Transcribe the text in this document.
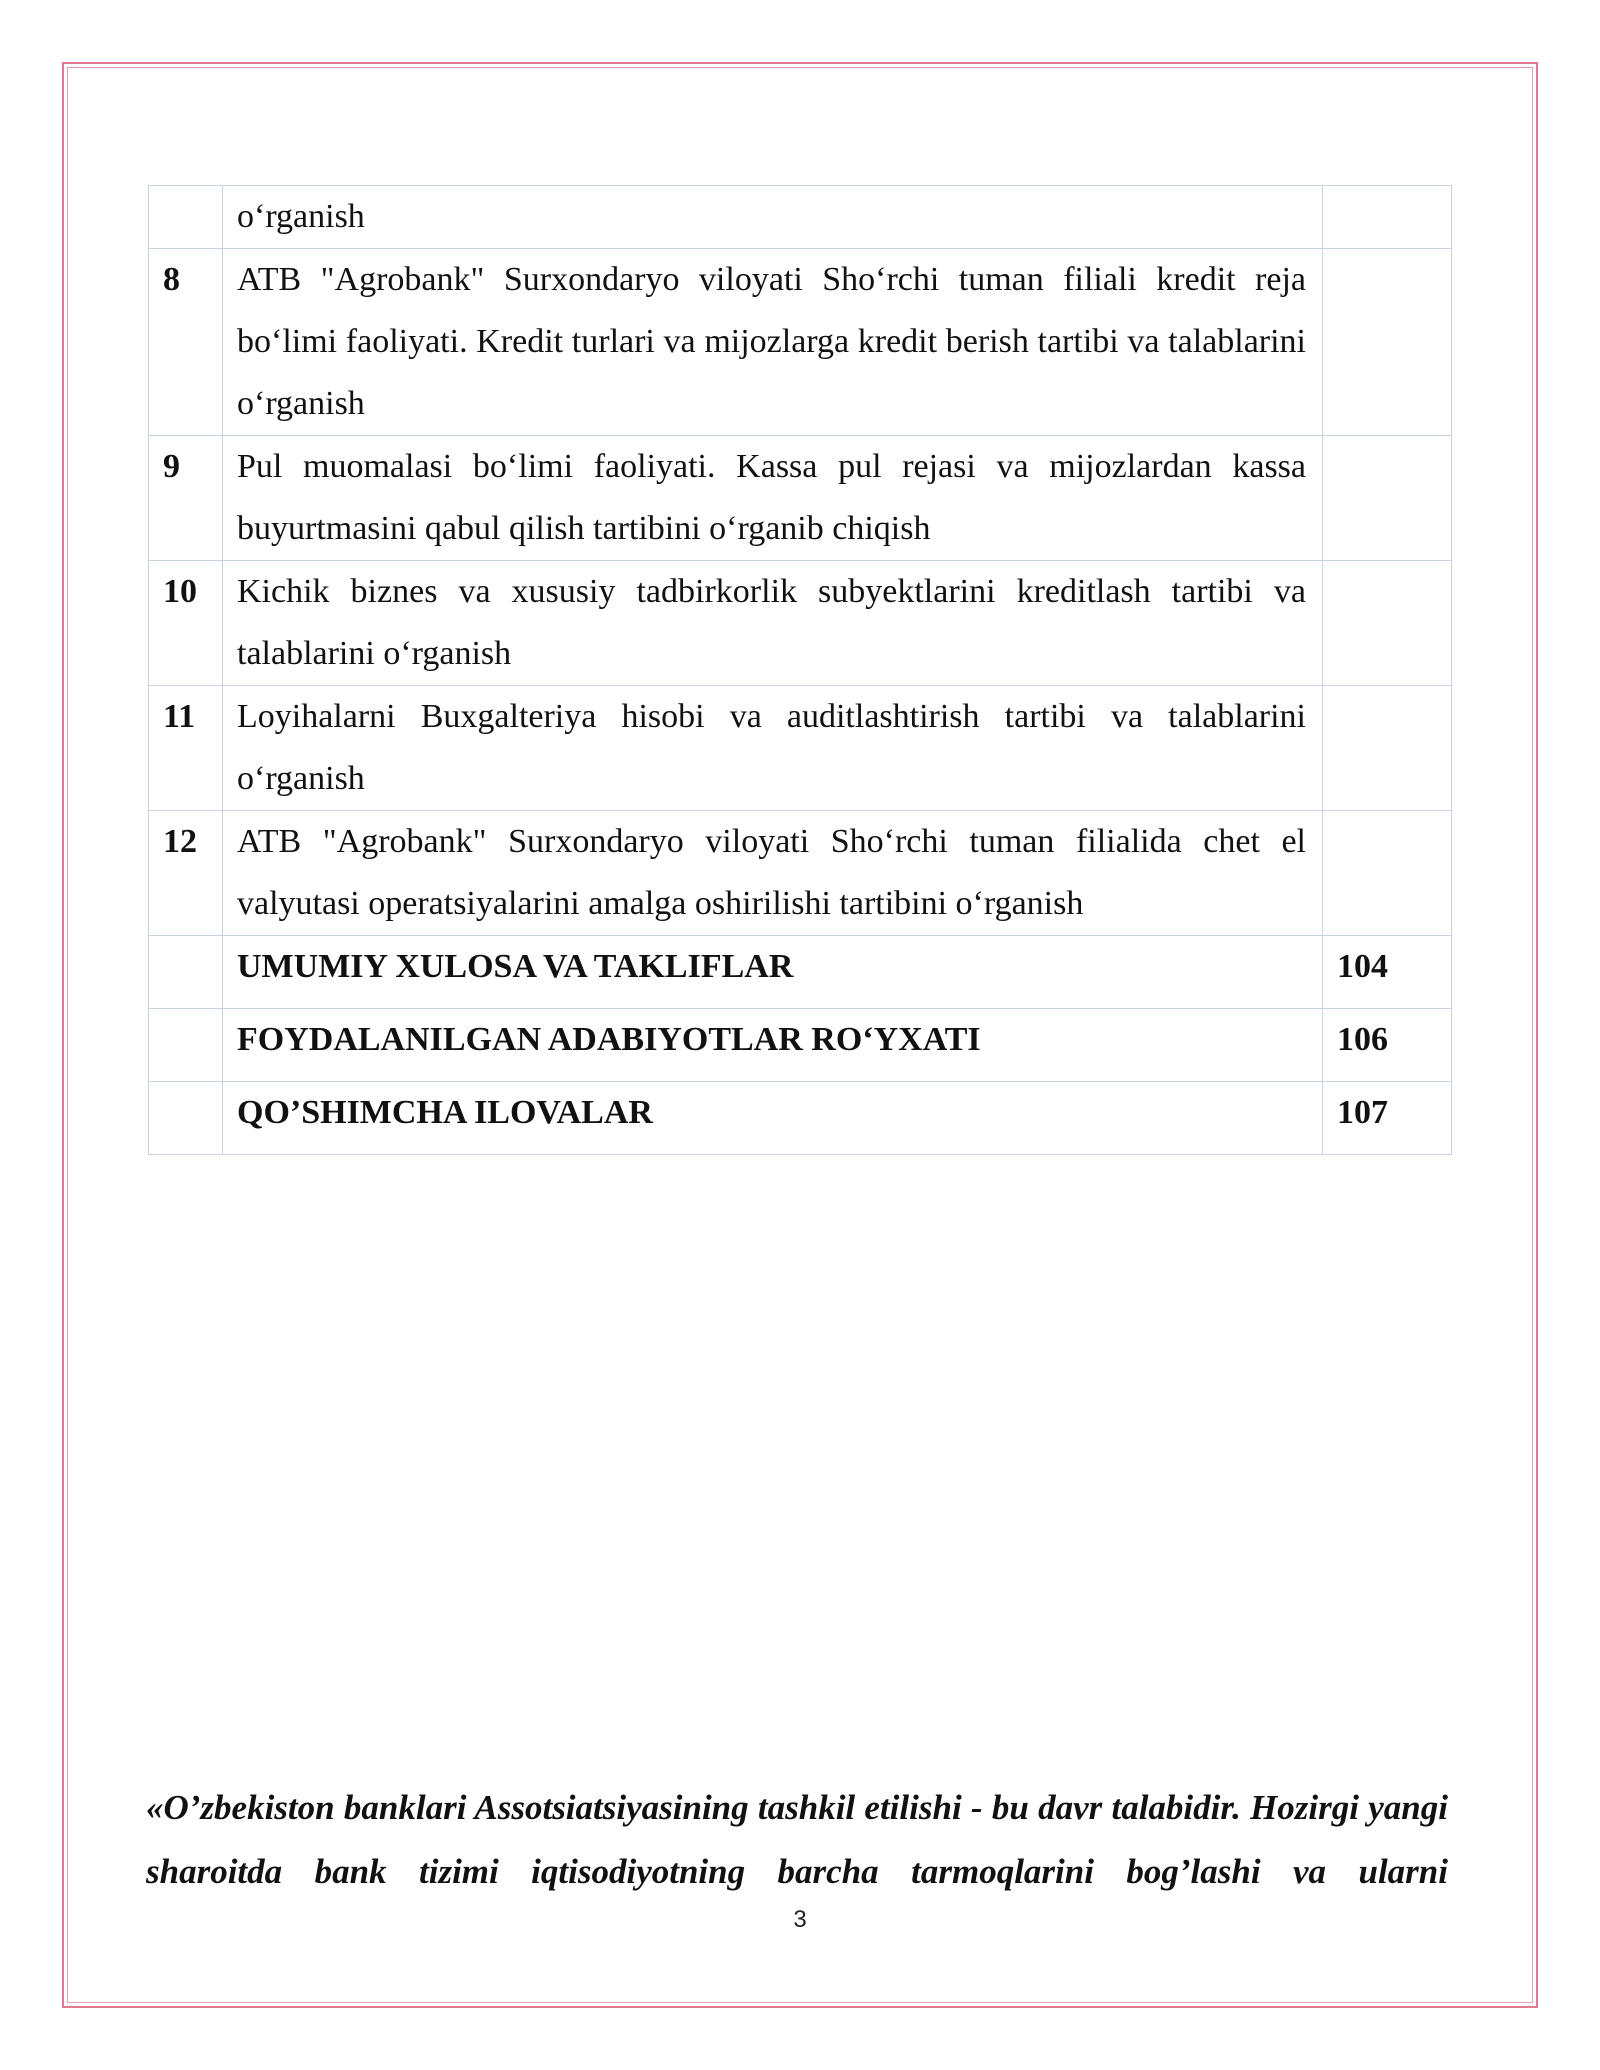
	o‘rganish	
8	ATB "Agrobank" Surxondaryo viloyati Sho‘rchi tuman filiali kredit reja bo‘limi faoliyati. Kredit turlari va mijozlarga kredit berish tartibi va talablarini o‘rganish	
9	Pul muomalasi bo‘limi faoliyati. Kassa pul rejasi va mijozlardan kassa buyurtmasini qabul qilish tartibini o‘rganib chiqish	
10	Kichik biznes va xususiy tadbirkorlik subyektlarini kreditlash tartibi va talablarini o‘rganish	
11	Loyihalarni Buxgalteriya hisobi va auditlashtirish tartibi va talablarini o‘rganish	
12	ATB "Agrobank" Surxondaryo viloyati Sho‘rchi tuman filialida chet el valyutasi operatsiyalarini amalga oshirilishi tartibini o‘rganish	
	UMUMIY XULOSA VA TAKLIFLAR	104
	FOYDALANILGAN ADABIYOTLAR RO‘YXATI	106
	QO’SHIMCHA ILOVALAR	107
«O’zbekiston banklari Assotsiatsiyasining tashkil etilishi - bu davr talabidir. Hozirgi yangi sharoitda bank tizimi iqtisodiyotning barcha tarmoqlarini bog’lashi va ularni
3
